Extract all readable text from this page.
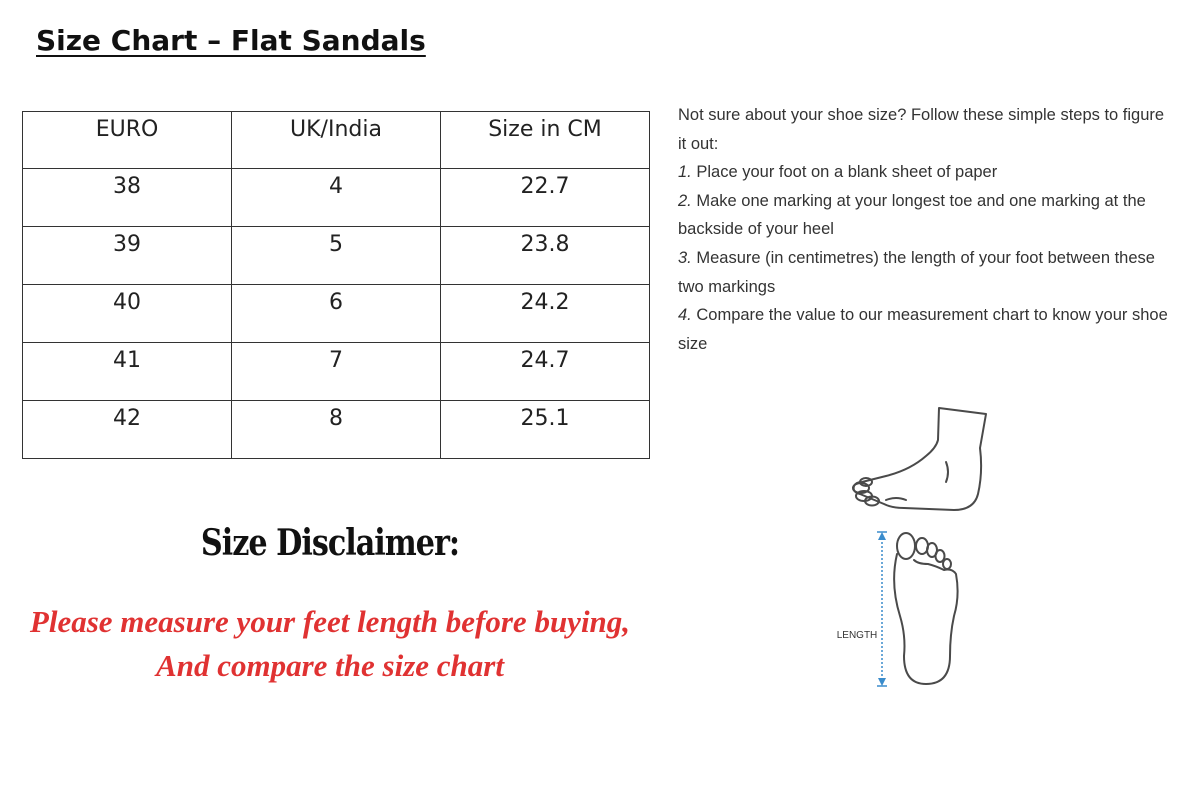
Size Chart – Flat Sandals
EURO	UK/India	Size in CM
38	4	22.7
39	5	23.8
40	6	24.2
41	7	24.7
42	8	25.1

Not sure about your shoe size? Follow these simple steps to figure it out:

1. Place your foot on a blank sheet of paper

2. Make one marking at your longest toe and one marking at the backside of your heel

3. Measure (in centimetres) the length of your foot between these two markings

4. Compare the value to our measurement chart to know your shoe size

LENGTH
Size Disclaimer:
Please measure your feet length before buying,
And compare the size chart
